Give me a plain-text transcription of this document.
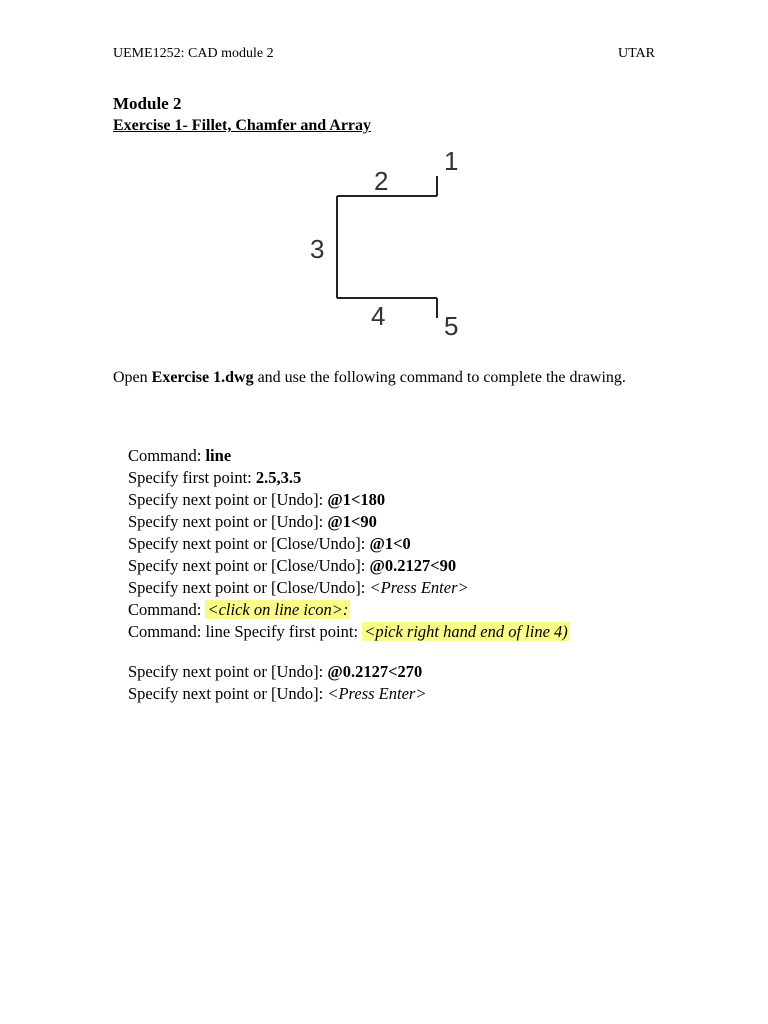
UEME1252: CAD module 2	UTAR
Module 2
Exercise 1- Fillet, Chamfer and Array
1
2
3
4 5

Open Exercise 1.dwg and use the following command to complete the drawing.

Command: line
Specify first point: 2.5,3.5
Specify next point or [Undo]: @1<180
Specify next point or [Undo]: @1<90
Specify next point or [Close/Undo]: @1<0
Specify next point or [Close/Undo]: @0.2127<90
Specify next point or [Close/Undo]: <Press Enter>
Command: <click on line icon>:
Command: line Specify first point: <pick right hand end of line 4)
Specify next point or [Undo]: @0.2127<270
Specify next point or [Undo]: <Press Enter>
